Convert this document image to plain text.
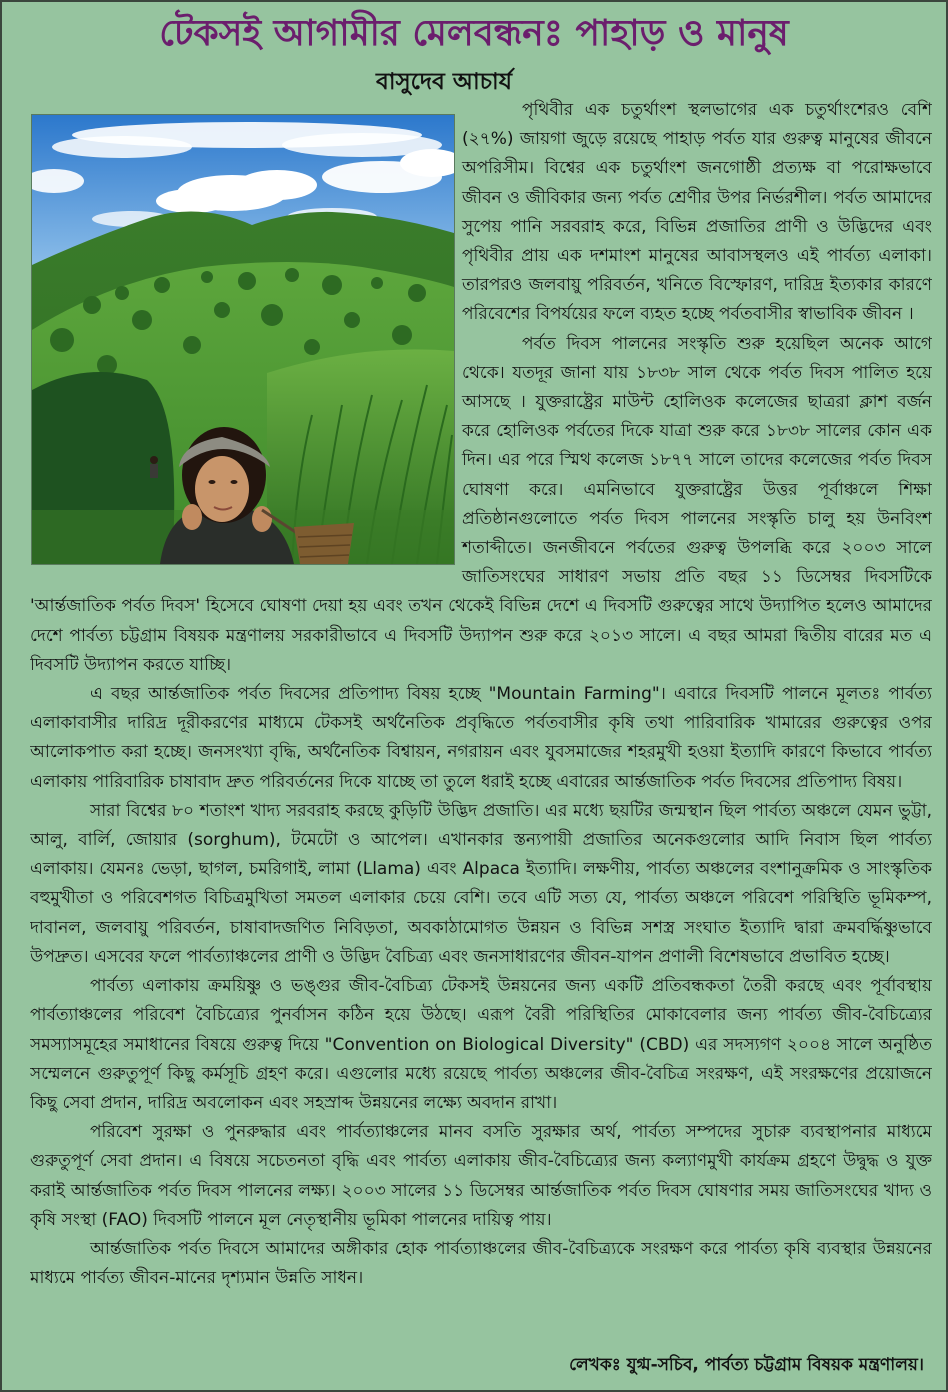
টেকসই আগামীর মেলবন্ধনঃ পাহাড় ও মানুষ
বাসুদেব আচার্য

পৃথিবীর এক চতুর্থাংশ স্থলভাগের এক চতুর্থাংশেরও বেশি (২৭%) জায়গা জুড়ে রয়েছে পাহাড় পর্বত যার গুরুত্ব মানুষের জীবনে অপরিসীম। বিশ্বের এক চতুর্থাংশ জনগোষ্ঠী প্রত্যক্ষ বা পরোক্ষভাবে জীবন ও জীবিকার জন্য পর্বত শ্রেণীর উপর নির্ভরশীল। পর্বত আমাদের সুপেয় পানি সরবরাহ করে, বিভিন্ন প্রজাতির প্রাণী ও উদ্ভিদের এবং পৃথিবীর প্রায় এক দশমাংশ মানুষের আবাসস্থলও এই পার্বত্য এলাকা। তারপরও জলবায়ু পরিবর্তন, খনিতে বিস্ফোরণ, দারিদ্র ইত্যকার কারণে পরিবেশের বিপর্যয়ের ফলে ব্যহত হচ্ছে পর্বতবাসীর স্বাভাবিক জীবন ।

পর্বত দিবস পালনের সংস্কৃতি শুরু হয়েছিল অনেক আগে থেকে। যতদূর জানা যায় ১৮৩৮ সাল থেকে পর্বত দিবস পালিত হয়ে আসছে । যুক্তরাষ্ট্রের মাউন্ট হোলিওক কলেজের ছাত্ররা ক্লাশ বর্জন করে হোলিওক পর্বতের দিকে যাত্রা শুরু করে ১৮৩৮ সালের কোন এক দিন। এর পরে স্মিথ কলেজ ১৮৭৭ সালে তাদের কলেজের পর্বত দিবস ঘোষণা করে। এমনিভাবে যুক্তরাষ্ট্রের উত্তর পূর্বাঞ্চলে শিক্ষা প্রতিষ্ঠানগুলোতে পর্বত দিবস পালনের সংস্কৃতি চালু হয় উনবিংশ শতাব্দীতে। জনজীবনে পর্বতের গুরুত্ব উপলব্ধি করে ২০০৩ সালে জাতিসংঘের সাধারণ সভায় প্রতি বছর ১১ ডিসেম্বর দিবসটিকে 'আর্ন্তজাতিক পর্বত দিবস' হিসেবে ঘোষণা দেয়া হয় এবং তখন থেকেই বিভিন্ন দেশে এ দিবসটি গুরুত্বের সাথে উদ্যাপিত হলেও আমাদের দেশে পার্বত্য চট্টগ্রাম বিষয়ক মন্ত্রণালয় সরকারীভাবে এ দিবসটি উদ্যাপন শুরু করে ২০১৩ সালে। এ বছর আমরা দ্বিতীয় বারের মত এ দিবসটি উদ্যাপন করতে যাচ্ছি।

এ বছর আর্ন্তজাতিক পর্বত দিবসের প্রতিপাদ্য বিষয় হচ্ছে "Mountain Farming"। এবারে দিবসটি পালনে মূলতঃ পার্বত্য এলাকাবাসীর দারিদ্র দূরীকরণের মাধ্যমে টেকসই অর্থনৈতিক প্রবৃদ্ধিতে পর্বতবাসীর কৃষি তথা পারিবারিক খামারের গুরুত্বের ওপর আলোকপাত করা হচ্ছে। জনসংখ্যা বৃদ্ধি, অর্থনৈতিক বিশ্বায়ন, নগরায়ন এবং যুবসমাজের শহরমুখী হওয়া ইত্যাদি কারণে কিভাবে পার্বত্য এলাকায় পারিবারিক চাষাবাদ দ্রুত পরিবর্তনের দিকে যাচ্ছে তা তুলে ধরাই হচ্ছে এবারের আর্ন্তজাতিক পর্বত দিবসের প্রতিপাদ্য বিষয়।

সারা বিশ্বের ৮০ শতাংশ খাদ্য সরবরাহ করছে কুড়িটি উদ্ভিদ প্রজাতি। এর মধ্যে ছয়টির জন্মস্থান ছিল পার্বত্য অঞ্চলে যেমন ভুট্টা, আলু, বার্লি, জোয়ার (sorghum), টমেটো ও আপেল। এখানকার স্তন্যপায়ী প্রজাতির অনেকগুলোর আদি নিবাস ছিল পার্বত্য এলাকায়। যেমনঃ ভেড়া, ছাগল, চমরিগাই, লামা (Llama) এবং Alpaca ইত্যাদি। লক্ষণীয়, পার্বত্য অঞ্চলের বংশানুক্রমিক ও সাংস্কৃতিক বহুমুখীতা ও পরিবেশগত বিচিত্রমুখিতা সমতল এলাকার চেয়ে বেশি। তবে এটি সত্য যে, পার্বত্য অঞ্চলে পরিবেশ পরিস্থিতি ভূমিকম্প, দাবানল, জলবায়ু পরিবর্তন, চাষাবাদজণিত নিবিড়তা, অবকাঠামোগত উন্নয়ন ও বিভিন্ন সশস্ত্র সংঘাত ইত্যাদি দ্বারা ক্রমবর্দ্ধিষ্ণুভাবে উপদ্রুত। এসবের ফলে পার্বত্যাঞ্চলের প্রাণী ও উদ্ভিদ বৈচিত্র্য এবং জনসাধারণের জীবন-যাপন প্রণালী বিশেষভাবে প্রভাবিত হচ্ছে।

পার্বত্য এলাকায় ক্রময়িষ্ণু ও ভঙ্গুর জীব-বৈচিত্র্য টেকসই উন্নয়নের জন্য একটি প্রতিবন্ধকতা তৈরী করছে এবং পূর্বাবস্থায় পার্বত্যাঞ্চলের পরিবেশ বৈচিত্র্যের পুনর্বাসন কঠিন হয়ে উঠছে। এরূপ বৈরী পরিস্থিতির মোকাবেলার জন্য পার্বত্য জীব-বৈচিত্র্যের সমস্যাসমূহের সমাধানের বিষয়ে গুরুত্ব দিয়ে "Convention on Biological Diversity" (CBD) এর সদস্যগণ ২০০৪ সালে অনুষ্ঠিত সম্মেলনে গুরুতুপূর্ণ কিছু কর্মসূচি গ্রহণ করে। এগুলোর মধ্যে রয়েছে পার্বত্য অঞ্চলের জীব-বৈচিত্র সংরক্ষণ, এই সংরক্ষণের প্রয়োজনে কিছু সেবা প্রদান, দারিদ্র অবলোকন এবং সহস্রাব্দ উন্নয়নের লক্ষ্যে অবদান রাখা।

পরিবেশ সুরক্ষা ও পুনরুদ্ধার এবং পার্বত্যাঞ্চলের মানব বসতি সুরক্ষার অর্থ, পার্বত্য সম্পদের সুচারু ব্যবস্থাপনার মাধ্যমে গুরুতুপূর্ণ সেবা প্রদান। এ বিষয়ে সচেতনতা বৃদ্ধি এবং পার্বত্য এলাকায় জীব-বৈচিত্র্যের জন্য কল্যাণমুখী কার্যক্রম গ্রহণে উদ্বুদ্ধ ও যুক্ত করাই আর্ন্তজাতিক পর্বত দিবস পালনের লক্ষ্য। ২০০৩ সালের ১১ ডিসেম্বর আর্ন্তজাতিক পর্বত দিবস ঘোষণার সময় জাতিসংঘের খাদ্য ও কৃষি সংস্থা (FAO) দিবসটি পালনে মূল নেতৃস্থানীয় ভূমিকা পালনের দায়িত্ব পায়।

আর্ন্তজাতিক পর্বত দিবসে আমাদের অঙ্গীকার হোক পার্বত্যাঞ্চলের জীব-বৈচিত্র্যকে সংরক্ষণ করে পার্বত্য কৃষি ব্যবস্থার উন্নয়নের মাধ্যমে পার্বত্য জীবন-মানের দৃশ্যমান উন্নতি সাধন।

লেখকঃ যুগ্ম-সচিব, পার্বত্য চট্টগ্রাম বিষয়ক মন্ত্রণালয়।
